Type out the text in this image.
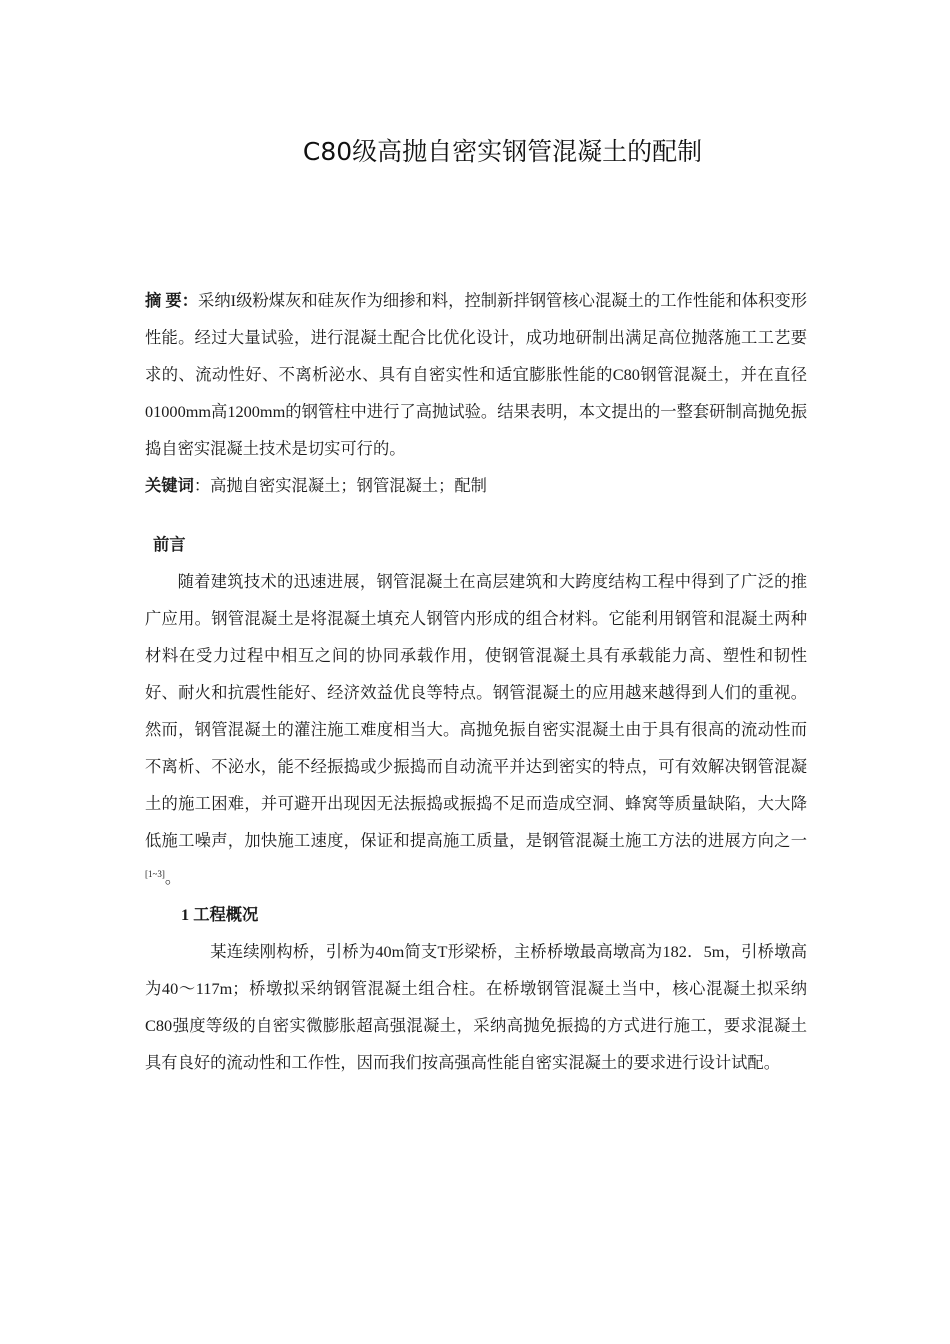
C80级高抛自密实钢管混凝土的配制

摘 要：采纳I级粉煤灰和硅灰作为细掺和料，控制新拌钢管核心混凝土的工作性能和体积变形性能。经过大量试验，进行混凝土配合比优化设计，成功地研制出满足高位抛落施工工艺要求的、流动性好、不离析泌水、具有自密实性和适宜膨胀性能的C80钢管混凝土，并在直径01000mm高1200mm的钢管柱中进行了高抛试验。结果表明，本文提出的一整套研制高抛免振捣自密实混凝土技术是切实可行的。

关键词：高抛自密实混凝土；钢管混凝土；配制

前言

随着建筑技术的迅速进展，钢管混凝土在高层建筑和大跨度结构工程中得到了广泛的推广应用。钢管混凝土是将混凝土填充人钢管内形成的组合材料。它能利用钢管和混凝土两种材料在受力过程中相互之间的协同承载作用，使钢管混凝土具有承载能力高、塑性和韧性好、耐火和抗震性能好、经济效益优良等特点。钢管混凝土的应用越来越得到人们的重视。然而，钢管混凝土的灌注施工难度相当大。高抛免振自密实混凝土由于具有很高的流动性而不离析、不泌水，能不经振捣或少振捣而自动流平并达到密实的特点，可有效解决钢管混凝土的施工困难，并可避开出现因无法振捣或振捣不足而造成空洞、蜂窝等质量缺陷，大大降低施工噪声，加快施工速度，保证和提高施工质量，是钢管混凝土施工方法的进展方向之一[1~3]。

1 工程概况

某连续刚构桥，引桥为40m简支T形梁桥，主桥桥墩最高墩高为182．5m，引桥墩高为40～117m；桥墩拟采纳钢管混凝土组合柱。在桥墩钢管混凝土当中，核心混凝土拟采纳C80强度等级的自密实微膨胀超高强混凝土，采纳高抛免振捣的方式进行施工，要求混凝土具有良好的流动性和工作性，因而我们按高强高性能自密实混凝土的要求进行设计试配。
